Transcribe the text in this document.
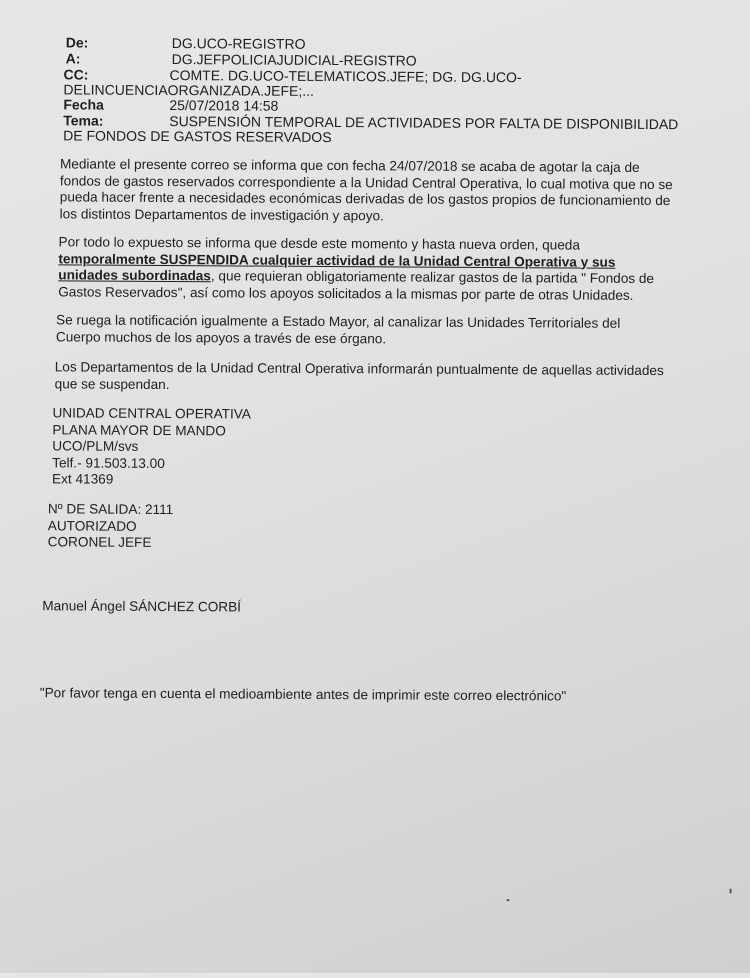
De:	DG.UCO-REGISTRO
A:	DG.JEFPOLICIAJUDICIAL-REGISTRO
CC:	COMTE. DG.UCO-TELEMATICOS.JEFE; DG. DG.UCO-
DELINCUENCIAORGANIZADA.JEFE;...
Fecha	25/07/2018 14:58
Tema:	SUSPENSIÓN TEMPORAL DE ACTIVIDADES POR FALTA DE DISPONIBILIDAD
DE FONDOS DE GASTOS RESERVADOS
Mediante el presente correo se informa que con fecha 24/07/2018 se acaba de agotar la caja de
fondos de gastos reservados correspondiente a la Unidad Central Operativa, lo cual motiva que no se
pueda hacer frente a necesidades económicas derivadas de los gastos propios de funcionamiento de
los distintos Departamentos de investigación y apoyo.
Por todo lo expuesto se informa que desde este momento y hasta nueva orden, queda
temporalmente SUSPENDIDA cualquier actividad de la Unidad Central Operativa y sus
unidades subordinadas, que requieran obligatoriamente realizar gastos de la partida " Fondos de
Gastos Reservados", así como los apoyos solicitados a la mismas por parte de otras Unidades.
Se ruega la notificación igualmente a Estado Mayor, al canalizar las Unidades Territoriales del
Cuerpo muchos de los apoyos a través de ese órgano.
Los Departamentos de la Unidad Central Operativa informarán puntualmente de aquellas actividades
que se suspendan.
UNIDAD CENTRAL OPERATIVA
PLANA MAYOR DE MANDO
UCO/PLM/svs
Telf.- 91.503.13.00
Ext 41369
Nº DE SALIDA: 2111
AUTORIZADO
CORONEL JEFE
Manuel Ángel SÁNCHEZ CORBÍ
"Por favor tenga en cuenta el medioambiente antes de imprimir este correo electrónico"
